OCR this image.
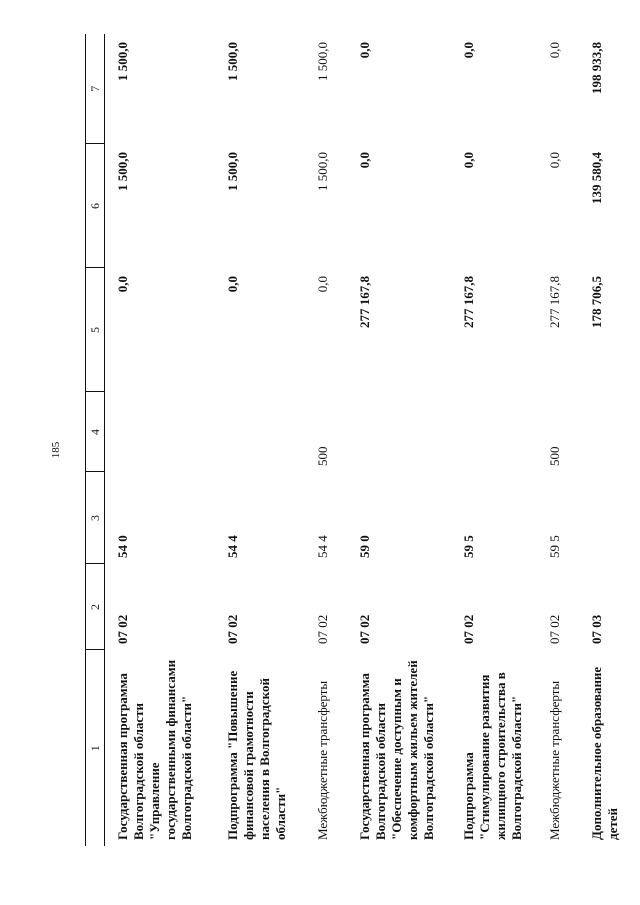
185
1	2	3	4	5	6	7
Государственная программа Волгоградской области "Управление государственными финансами Волгоградской области"	07 02	54 0		0,0	1 500,0	1 500,0
Подпрограмма "Повышение финансовой грамотности населения в Волгоградской области"	07 02	54 4		0,0	1 500,0	1 500,0
Межбюджетные трансферты	07 02	54 4	500	0,0	1 500,0	1 500,0
Государственная программа Волгоградской области "Обеспечение доступным и комфортным жильем жителей Волгоградской области"	07 02	59 0		277 167,8	0,0	0,0
Подпрограмма "Стимулирование развития жилищного строительства в Волгоградской области"	07 02	59 5		277 167,8	0,0	0,0
Межбюджетные трансферты	07 02	59 5	500	277 167,8	0,0	0,0
Дополнительное образование детей	07 03			178 706,5	139 580,4	198 933,8
